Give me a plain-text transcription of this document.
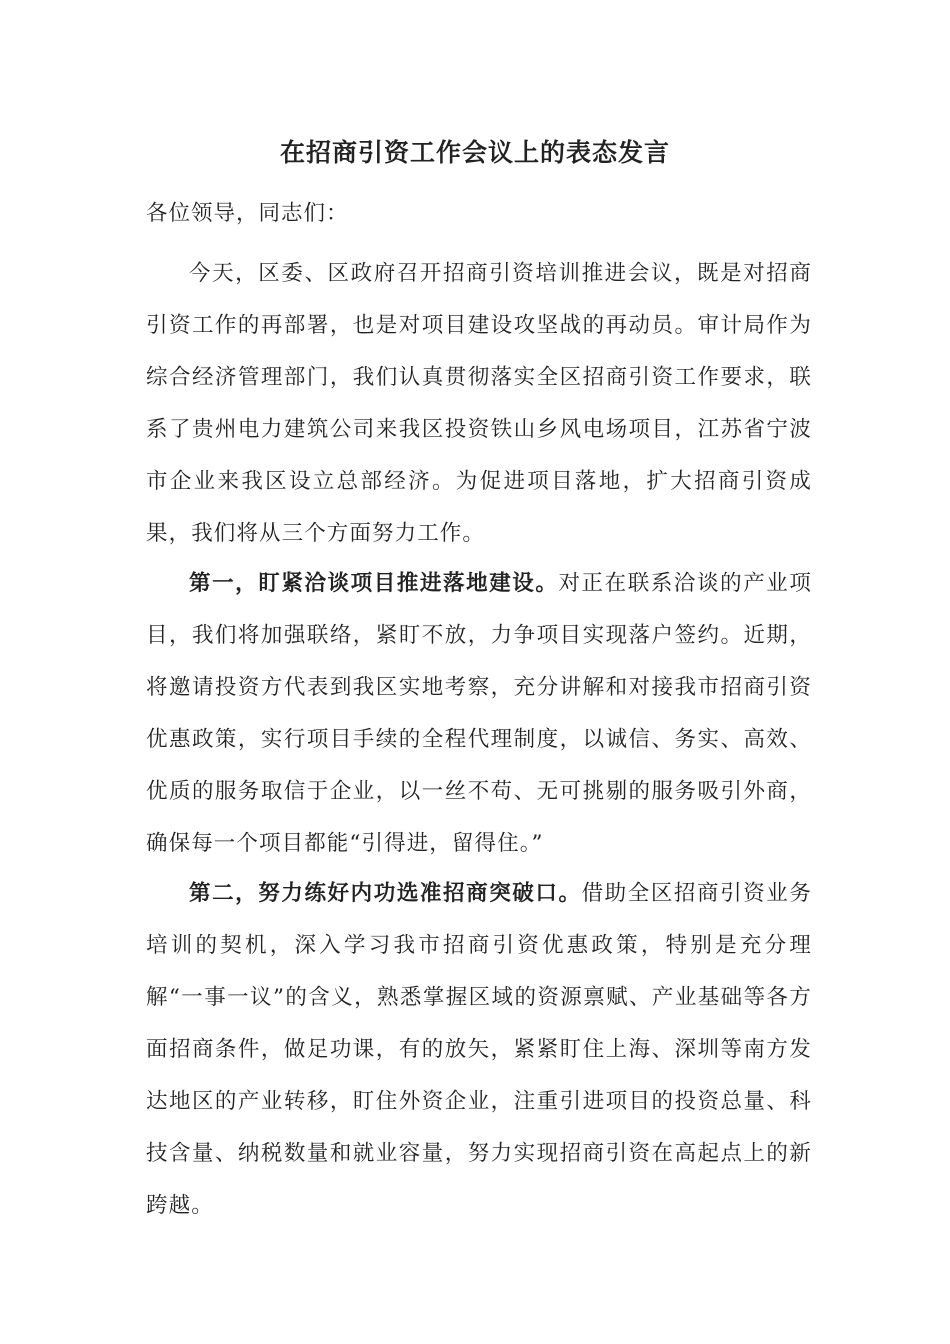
在招商引资工作会议上的表态发言
各位领导，同志们：

今天，区委、区政府召开招商引资培训推进会议，既是对招商引资工作的再部署，也是对项目建设攻坚战的再动员。审计局作为综合经济管理部门，我们认真贯彻落实全区招商引资工作要求，联系了贵州电力建筑公司来我区投资铁山乡风电场项目，江苏省宁波市企业来我区设立总部经济。为促进项目落地，扩大招商引资成果，我们将从三个方面努力工作。

第一，盯紧洽谈项目推进落地建设。对正在联系洽谈的产业项目，我们将加强联络，紧盯不放，力争项目实现落户签约。近期，将邀请投资方代表到我区实地考察，充分讲解和对接我市招商引资优惠政策，实行项目手续的全程代理制度，以诚信、务实、高效、优质的服务取信于企业，以一丝不苟、无可挑剔的服务吸引外商，确保每一个项目都能“引得进，留得住。”

第二，努力练好内功选准招商突破口。借助全区招商引资业务培训的契机，深入学习我市招商引资优惠政策，特别是充分理解“一事一议”的含义，熟悉掌握区域的资源禀赋、产业基础等各方面招商条件，做足功课，有的放矢，紧紧盯住上海、深圳等南方发达地区的产业转移，盯住外资企业，注重引进项目的投资总量、科技含量、纳税数量和就业容量，努力实现招商引资在高起点上的新跨越。
